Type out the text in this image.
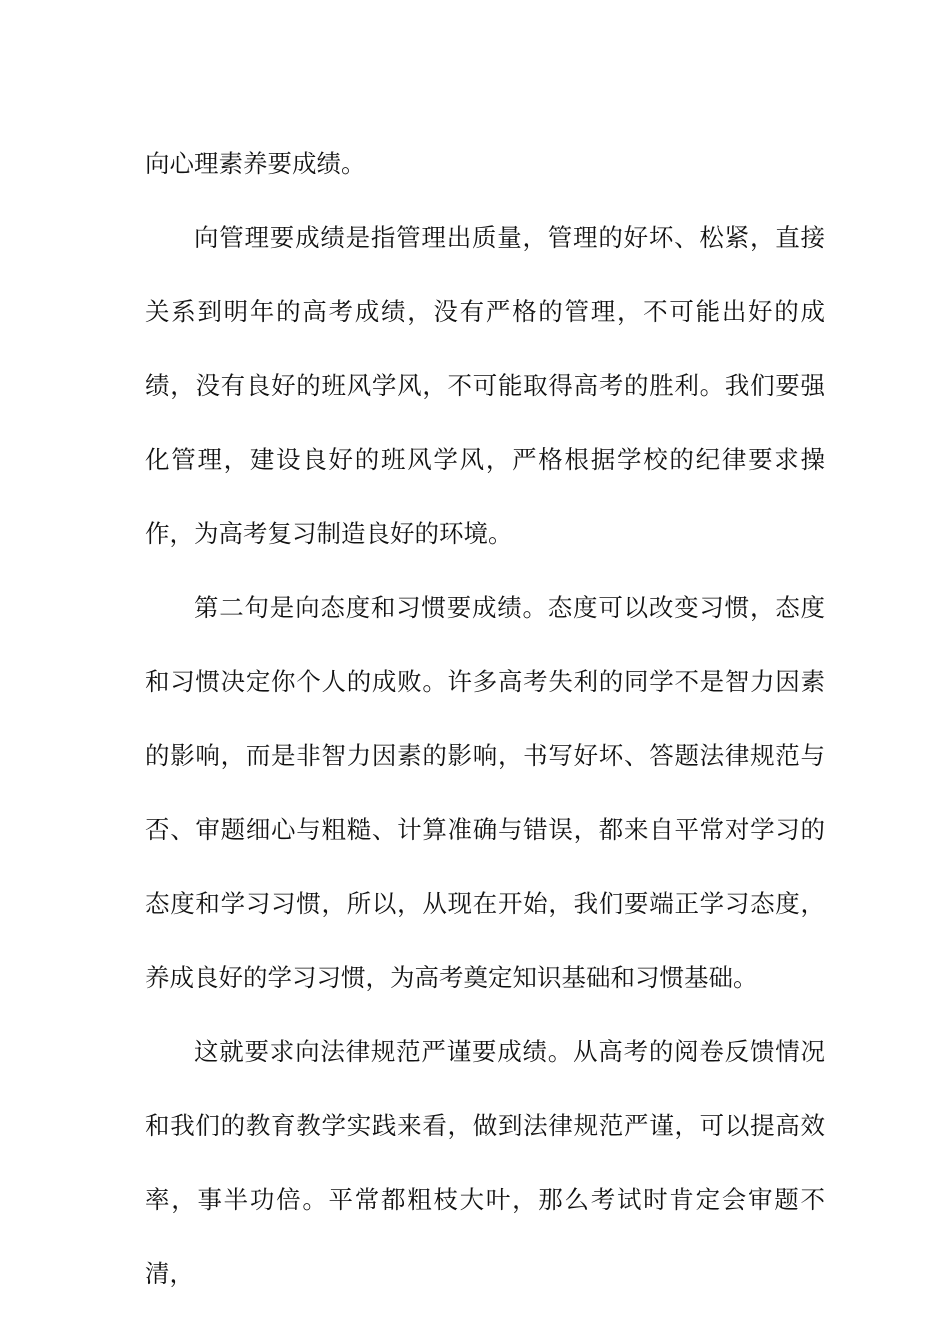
向心理素养要成绩。

向管理要成绩是指管理出质量，管理的好坏、松紧，直接关系到明年的高考成绩，没有严格的管理，不可能出好的成绩，没有良好的班风学风，不可能取得高考的胜利。我们要强化管理，建设良好的班风学风，严格根据学校的纪律要求操作，为高考复习制造良好的环境。

第二句是向态度和习惯要成绩。态度可以改变习惯，态度和习惯决定你个人的成败。许多高考失利的同学不是智力因素的影响，而是非智力因素的影响，书写好坏、答题法律规范与否、审题细心与粗糙、计算准确与错误，都来自平常对学习的态度和学习习惯，所以，从现在开始，我们要端正学习态度，养成良好的学习习惯，为高考奠定知识基础和习惯基础。

这就要求向法律规范严谨要成绩。从高考的阅卷反馈情况和我们的教育教学实践来看，做到法律规范严谨，可以提高效率，事半功倍。平常都粗枝大叶，那么考试时肯定会审题不清，
